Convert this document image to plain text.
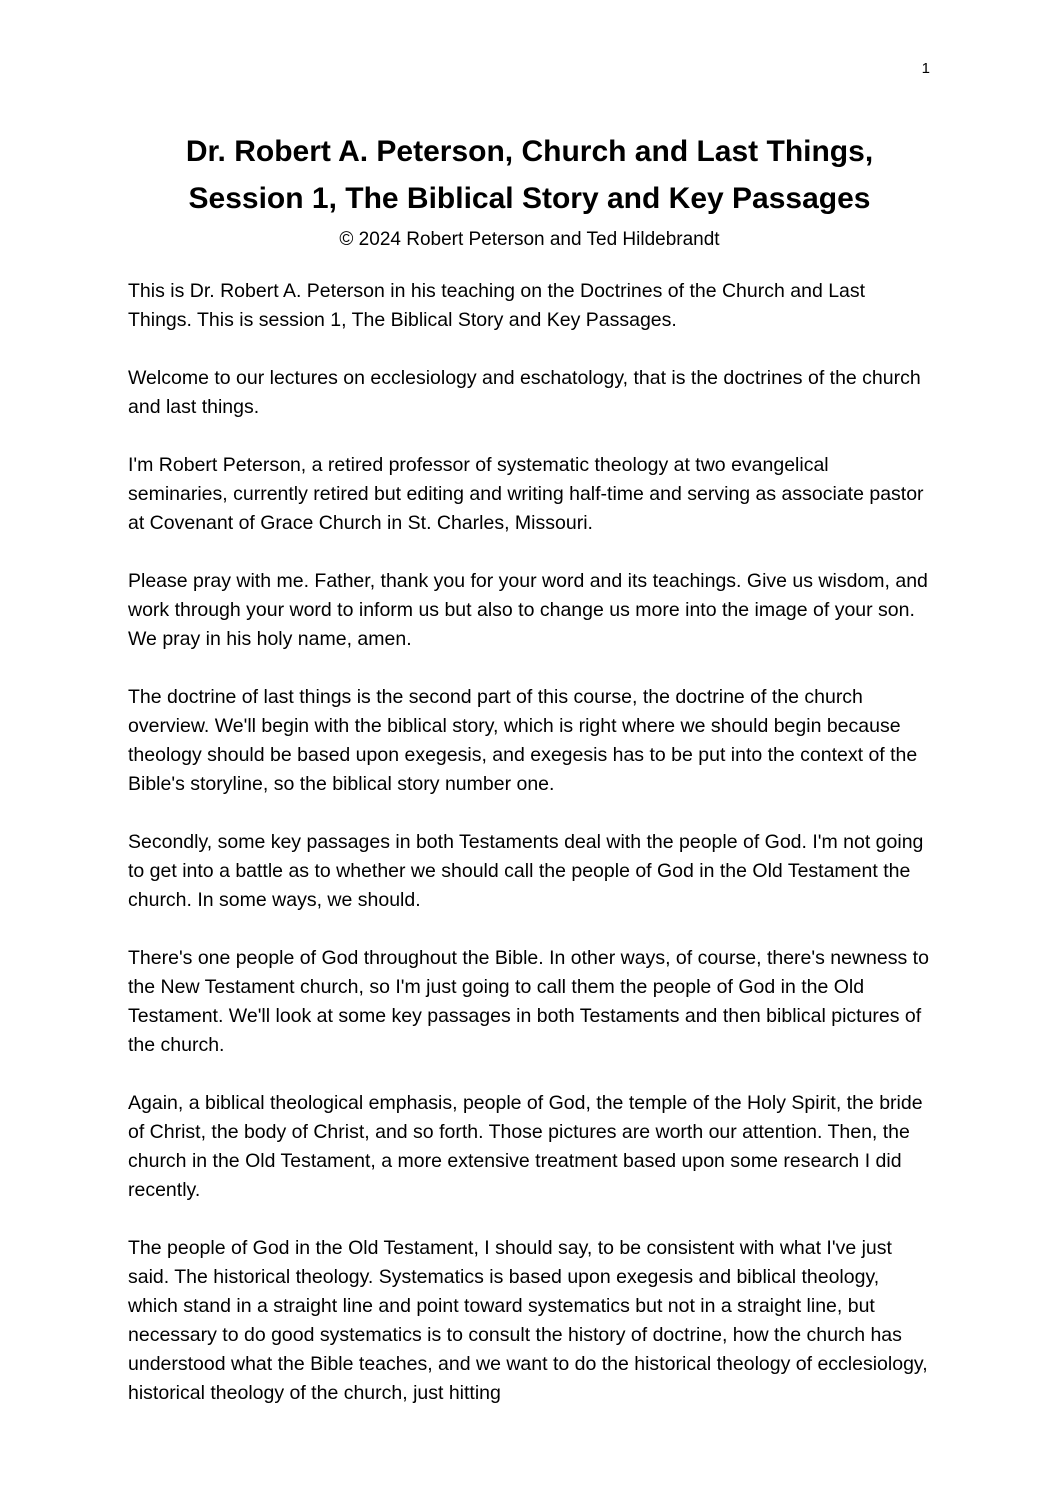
1
Dr. Robert A. Peterson, Church and Last Things,
Session 1, The Biblical Story and Key Passages
© 2024 Robert Peterson and Ted Hildebrandt

This is Dr. Robert A. Peterson in his teaching on the Doctrines of the Church and Last Things. This is session 1, The Biblical Story and Key Passages.

Welcome to our lectures on ecclesiology and eschatology, that is the doctrines of the church and last things.

I'm Robert Peterson, a retired professor of systematic theology at two evangelical seminaries, currently retired but editing and writing half-time and serving as associate pastor at Covenant of Grace Church in St. Charles, Missouri.

Please pray with me. Father, thank you for your word and its teachings. Give us wisdom, and work through your word to inform us but also to change us more into the image of your son. We pray in his holy name, amen.

The doctrine of last things is the second part of this course, the doctrine of the church overview. We'll begin with the biblical story, which is right where we should begin because theology should be based upon exegesis, and exegesis has to be put into the context of the Bible's storyline, so the biblical story number one.

Secondly, some key passages in both Testaments deal with the people of God. I'm not going to get into a battle as to whether we should call the people of God in the Old Testament the church. In some ways, we should.

There's one people of God throughout the Bible. In other ways, of course, there's newness to the New Testament church, so I'm just going to call them the people of God in the Old Testament. We'll look at some key passages in both Testaments and then biblical pictures of the church.

Again, a biblical theological emphasis, people of God, the temple of the Holy Spirit, the bride of Christ, the body of Christ, and so forth. Those pictures are worth our attention. Then, the church in the Old Testament, a more extensive treatment based upon some research I did recently.

The people of God in the Old Testament, I should say, to be consistent with what I've just said. The historical theology. Systematics is based upon exegesis and biblical theology, which stand in a straight line and point toward systematics but not in a straight line, but necessary to do good systematics is to consult the history of doctrine, how the church has understood what the Bible teaches, and we want to do the historical theology of ecclesiology, historical theology of the church, just hitting
